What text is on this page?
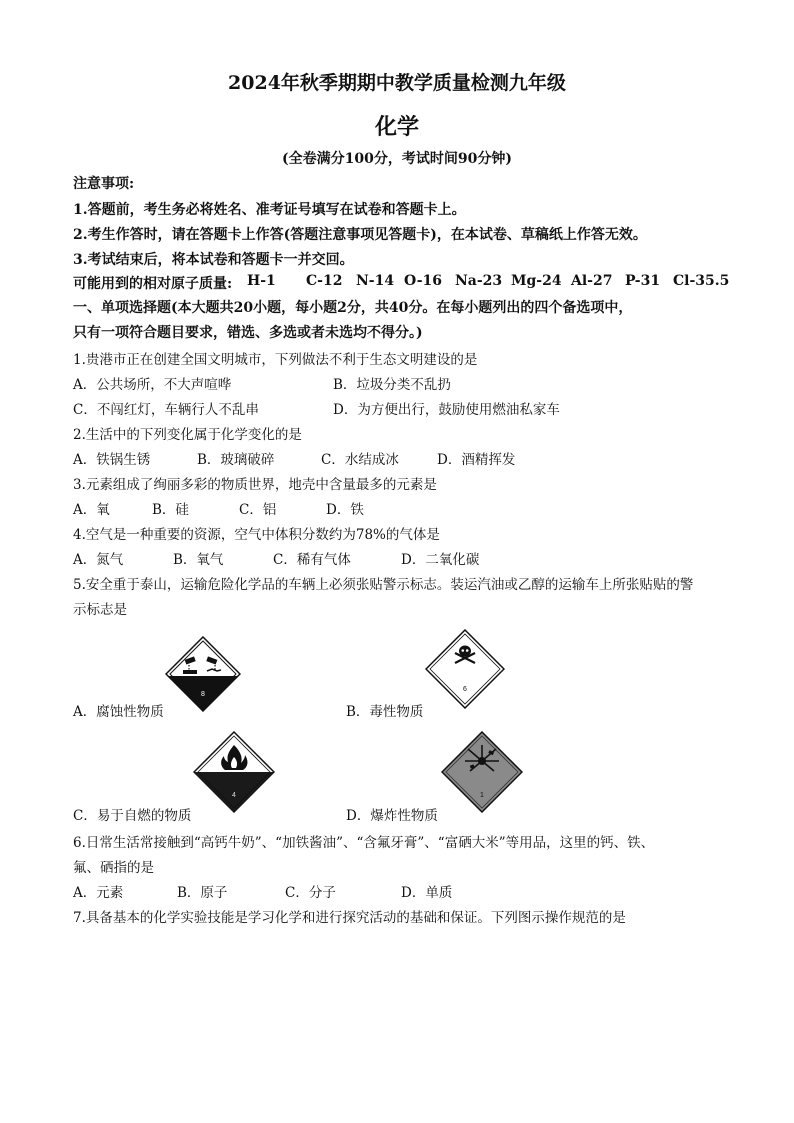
2024年秋季期期中教学质量检测九年级
化学
(全卷满分100分，考试时间90分钟)
注意事项:
1.答题前，考生务必将姓名、准考证号填写在试卷和答题卡上。
2.考生作答时，请在答题卡上作答(答题注意事项见答题卡)，在本试卷、草稿纸上作答无效。
3.考试结束后，将本试卷和答题卡一并交回。
可能用到的相对原子质量: H-1 C-12 N-14 O-16 Na-23 Mg-24 Al-27 P-31 Cl-35.5
一、单项选择题(本大题共20小题，每小题2分，共40分。在每小题列出的四个备选项中，
只有一项符合题目要求，错选、多选或者未选均不得分。)
1.贵港市正在创建全国文明城市，下列做法不利于生态文明建设的是
A．公共场所，不大声喧哗	B．垃圾分类不乱扔
C．不闯红灯，车辆行人不乱串	D．为方便出行，鼓励使用燃油私家车
2.生活中的下列变化属于化学变化的是
A．铁锅生锈	B．玻璃破碎	C．水结成冰	D．酒精挥发
3.元素组成了绚丽多彩的物质世界，地壳中含量最多的元素是
A．氧	B．硅	C．铝	D．铁
4.空气是一种重要的资源，空气中体积分数约为78%的气体是
A．氮气	B．氧气	C．稀有气体	D．二氧化碳
5.安全重于泰山，运输危险化学品的车辆上必须张贴警示标志。装运汽油或乙醇的运输车上所张贴贴的警
示标志是
8
A．腐蚀性物质
6
B．毒性物质
4
C．易于自燃的物质
1
D．爆炸性物质
6.日常生活常接触到“高钙牛奶”、“加铁酱油”、“含氟牙膏”、“富硒大米”等用品，这里的钙、铁、
氟、硒指的是
A．元素	B．原子	C．分子	D．单质
7.具备基本的化学实验技能是学习化学和进行探究活动的基础和保证。下列图示操作规范的是
